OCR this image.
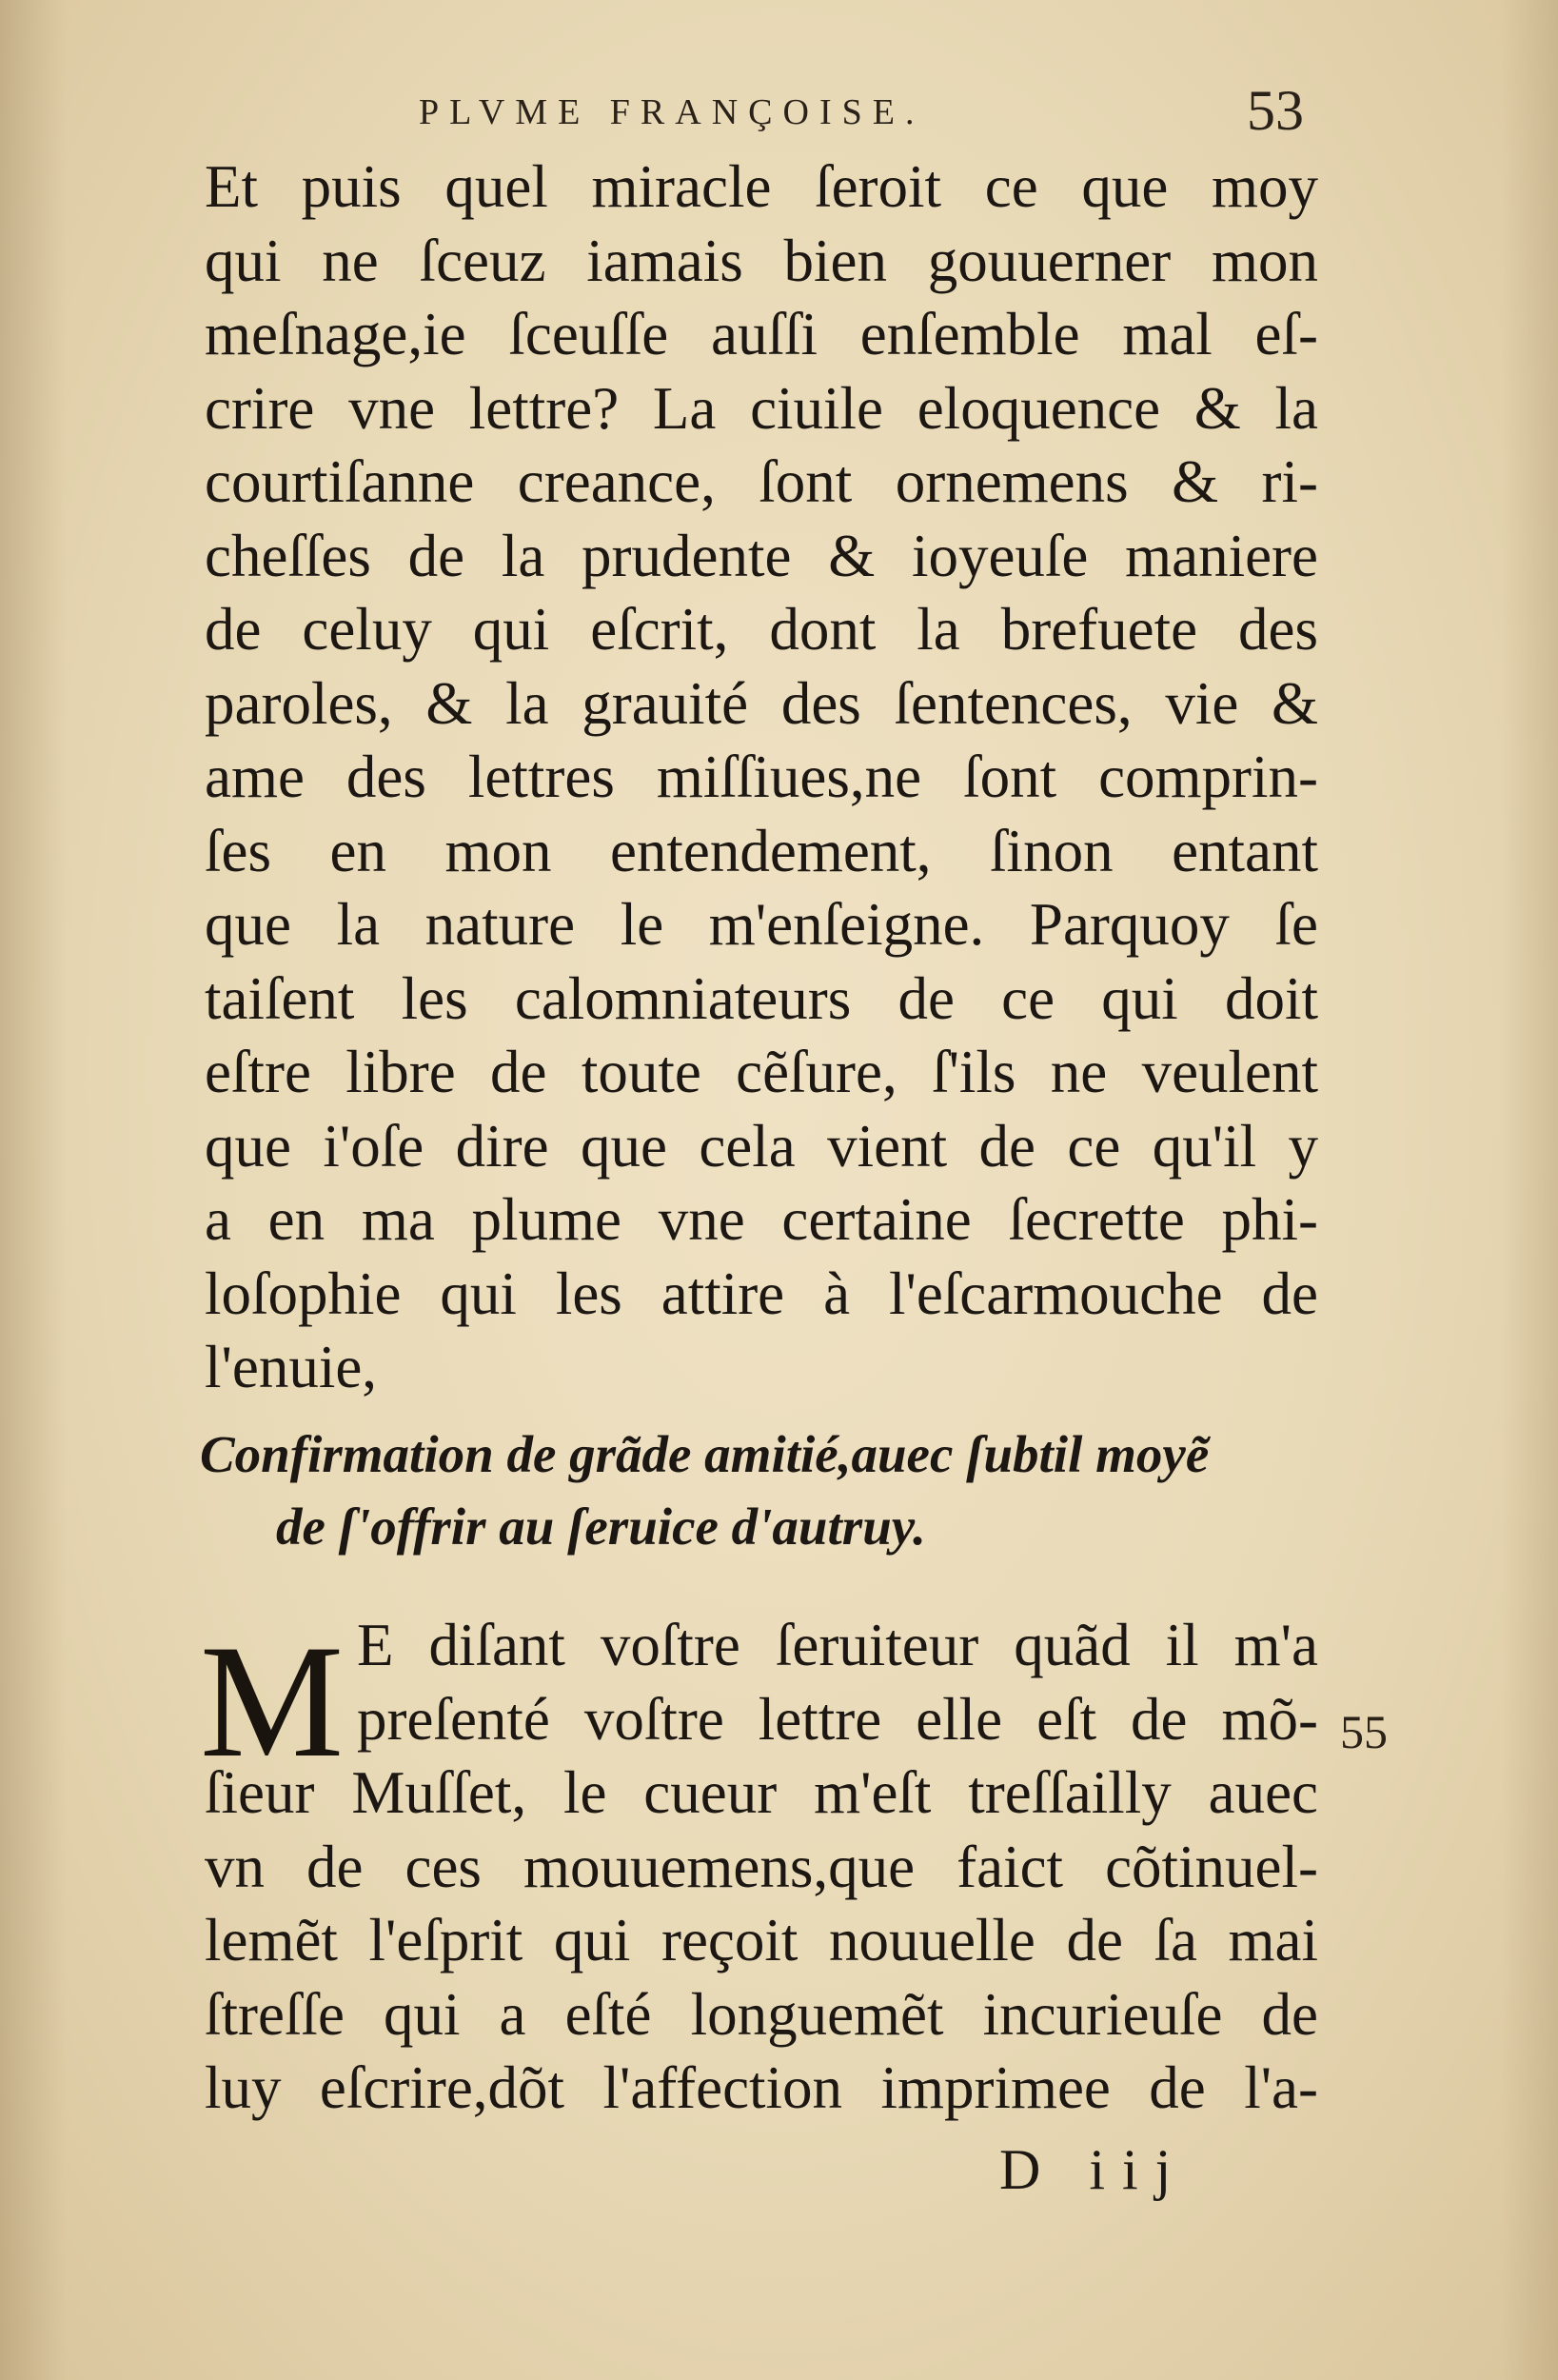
PLVME FRANÇOISE.	53
Et puis quel miracle ſeroit ce que moy
qui ne ſceuz iamais bien gouuerner mon
meſnage,ie ſceuſſe auſſi enſemble mal eſ-
crire vne lettre? La ciuile eloquence & la
courtiſanne creance, ſont ornemens & ri-
cheſſes de la prudente & ioyeuſe maniere
de celuy qui eſcrit, dont la brefuete des
paroles, & la grauité des ſentences, vie &
ame des lettres miſſiues,ne ſont comprin-
ſes en mon entendement, ſinon entant
que la nature le m'enſeigne. Parquoy ſe
taiſent les calomniateurs de ce qui doit
eſtre libre de toute cẽſure, ſ'ils ne veulent
que i'oſe dire que cela vient de ce qu'il y
a en ma plume vne certaine ſecrette phi-
loſophie qui les attire à l'eſcarmouche de
l'enuie,
Confirmation de grãde amitié,auec ſubtil moyẽ
de ſ'offrir au ſeruice d'autruy.
M E diſant voſtre ſeruiteur quãd il m'a
preſenté voſtre lettre elle eſt de mõ-
ſieur Muſſet, le cueur m'eſt treſſailly auec
vn de ces mouuemens,que faict cõtinuel-
lemẽt l'eſprit qui reçoit nouuelle de ſa mai
ſtreſſe qui a eſté longuemẽt incurieuſe de
luy eſcrire,dõt l'affection imprimee de l'a-
55
D iij
